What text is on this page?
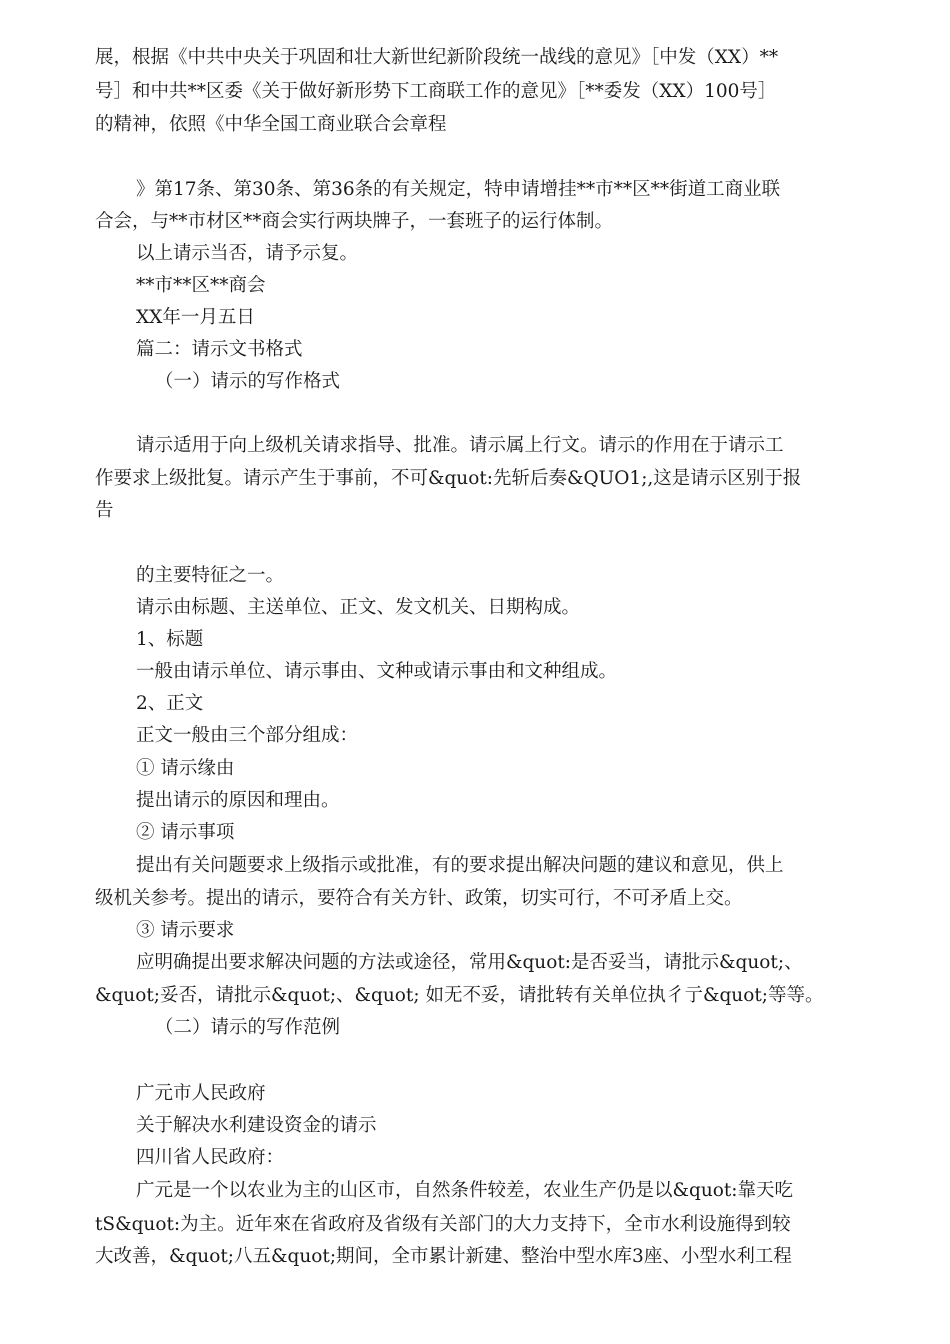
展，根据《中共中央关于巩固和壮大新世纪新阶段统一战线的意见》［中发（XX）**
号］和中共**区委《关于做好新形势下工商联工作的意见》［**委发（XX）100号］
的精神，依照《中华全国工商业联合会章程
》第17条、第30条、第36条的有关规定，特申请增挂**市**区**街道工商业联
合会，与**市材区**商会实行两块牌子，一套班子的运行体制。
以上请示当否，请予示复。
**市**区**商会
XX年一月五日
篇二：请示文书格式
（一）请示的写作格式
请示适用于向上级机关请求指导、批准。请示属上行文。请示的作用在于请示工
作要求上级批复。请示产生于事前，不可&quot:先斩后奏&QUO1;,这是请示区别于报
告
的主要特征之一。
请示由标题、主送单位、正文、发文机关、日期构成。
1、标题
一般由请示单位、请示事由、文种或请示事由和文种组成。
2、正文
正文一般由三个部分组成：
① 请示缘由
提出请示的原因和理由。
② 请示事项
提出有关问题要求上级指示或批准，有的要求提出解决问题的建议和意见，供上
级机关参考。提出的请示，要符合有关方针、政策，切实可行，不可矛盾上交。
③ 请示要求
应明确提出要求解决问题的方法或途径，常用&quot:是否妥当，请批示&quot;、
&quot;妥否，请批示&quot;、&quot; 如无不妥，请批转有关单位执彳亍&quot;等等。
（二）请示的写作范例
广元市人民政府
关于解决水利建设资金的请示
四川省人民政府：
广元是一个以农业为主的山区市，自然条件较差，农业生产仍是以&quot:靠天吃
tS&quot:为主。近年來在省政府及省级有关部门的大力支持下，全市水利设施得到较
大改善，&quot;八五&quot;期间，全市累计新建、整治中型水库3座、小型水利工程
